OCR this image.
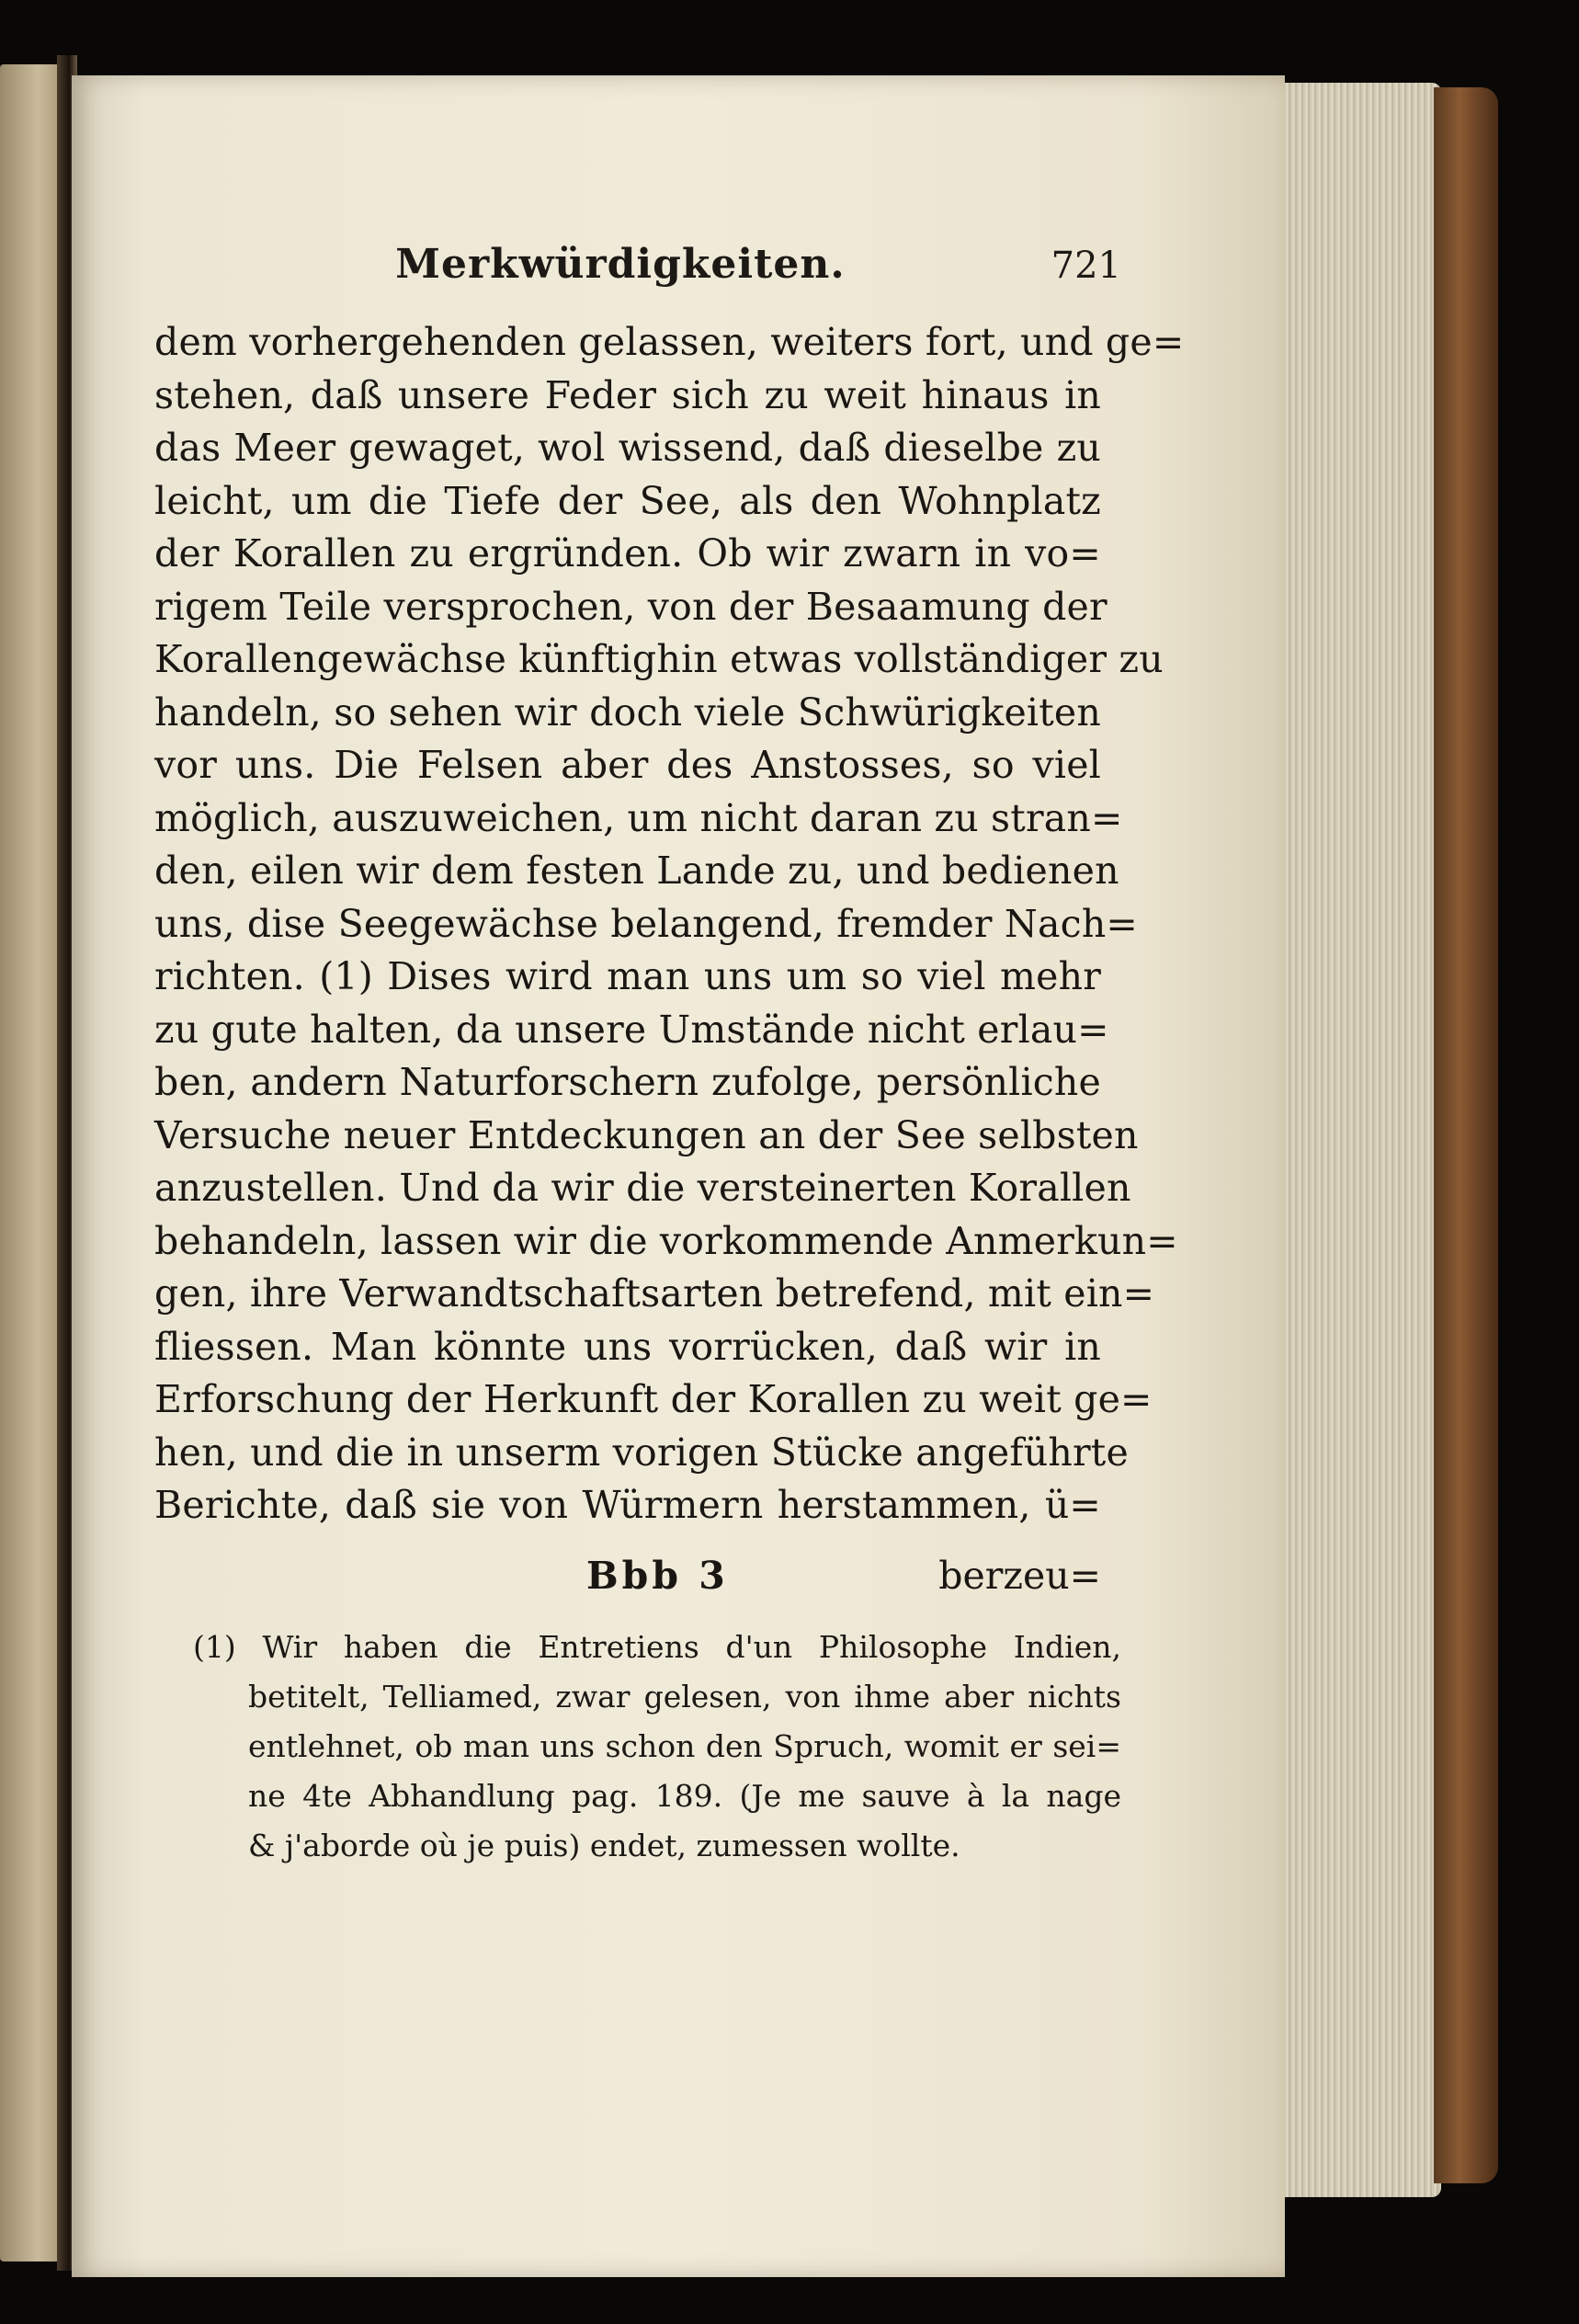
Merkwürdigkeiten.	721
dem vorhergehenden gelassen, weiters fort, und ge=
stehen, daß unsere Feder sich zu weit hinaus in
das Meer gewaget, wol wissend, daß dieselbe zu
leicht, um die Tiefe der See, als den Wohnplatz
der Korallen zu ergründen. Ob wir zwarn in vo=
rigem Teile versprochen, von der Besaamung der
Korallengewächse künftighin etwas vollständiger zu
handeln, so sehen wir doch viele Schwürigkeiten
vor uns. Die Felsen aber des Anstosses, so viel
möglich, auszuweichen, um nicht daran zu stran=
den, eilen wir dem festen Lande zu, und bedienen
uns, dise Seegewächse belangend, fremder Nach=
richten. (1) Dises wird man uns um so viel mehr
zu gute halten, da unsere Umstände nicht erlau=
ben, andern Naturforschern zufolge, persönliche
Versuche neuer Entdeckungen an der See selbsten
anzustellen. Und da wir die versteinerten Korallen
behandeln, lassen wir die vorkommende Anmerkun=
gen, ihre Verwandtschaftsarten betrefend, mit ein=
fliessen. Man könnte uns vorrücken, daß wir in
Erforschung der Herkunft der Korallen zu weit ge=
hen, und die in unserm vorigen Stücke angeführte
Berichte, daß sie von Würmern herstammen, ü=
Bbb 3	berzeu=
(1) Wir haben die Entretiens d'un Philosophe Indien,
betitelt, Telliamed, zwar gelesen, von ihme aber nichts
entlehnet, ob man uns schon den Spruch, womit er sei=
ne 4te Abhandlung pag. 189. (Je me sauve à la nage
& j'aborde où je puis) endet, zumessen wollte.
